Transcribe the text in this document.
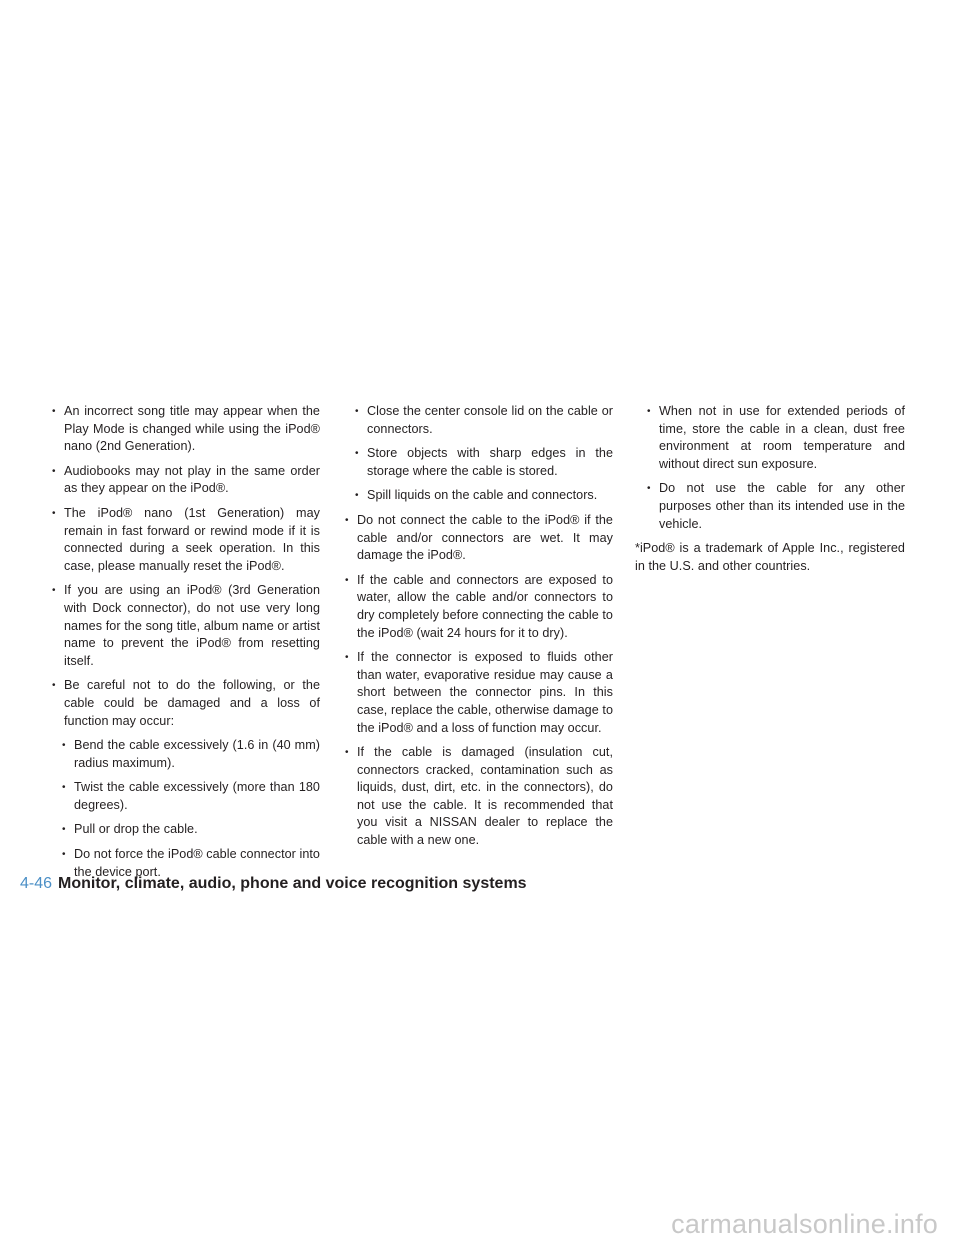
• An incorrect song title may appear when the Play Mode is changed while using the iPod® nano (2nd Generation).

• Audiobooks may not play in the same order as they appear on the iPod®.

• The iPod® nano (1st Generation) may remain in fast forward or rewind mode if it is connected during a seek operation. In this case, please manually reset the iPod®.

• If you are using an iPod® (3rd Generation with Dock connector), do not use very long names for the song title, album name or artist name to prevent the iPod® from resetting itself.

• Be careful not to do the following, or the cable could be damaged and a loss of function may occur:

• Bend the cable excessively (1.6 in (40 mm) radius maximum).

• Twist the cable excessively (more than 180 degrees).

• Pull or drop the cable.

• Do not force the iPod® cable connector into the device port.

• Close the center console lid on the cable or connectors.

• Store objects with sharp edges in the storage where the cable is stored.

• Spill liquids on the cable and connectors.

• Do not connect the cable to the iPod® if the cable and/or connectors are wet. It may damage the iPod®.

• If the cable and connectors are exposed to water, allow the cable and/or connectors to dry completely before connecting the cable to the iPod® (wait 24 hours for it to dry).

• If the connector is exposed to fluids other than water, evaporative residue may cause a short between the connector pins. In this case, replace the cable, otherwise damage to the iPod® and a loss of function may occur.

• If the cable is damaged (insulation cut, connectors cracked, contamination such as liquids, dust, dirt, etc. in the connectors), do not use the cable. It is recommended that you visit a NISSAN dealer to replace the cable with a new one.

• When not in use for extended periods of time, store the cable in a clean, dust free environment at room temperature and without direct sun exposure.

• Do not use the cable for any other purposes other than its intended use in the vehicle.

*iPod® is a trademark of Apple Inc., registered in the U.S. and other countries.

4-46 Monitor, climate, audio, phone and voice recognition systems
carmanualsonline.info
